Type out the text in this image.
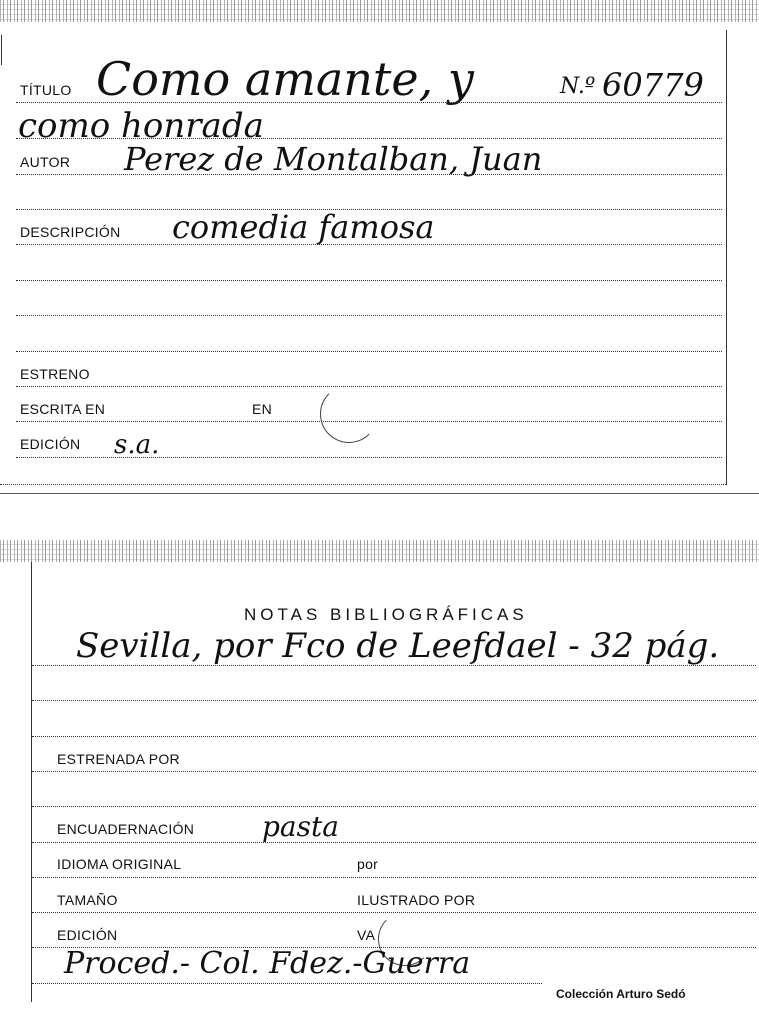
TÍTULO Como amante, y	N.º 60779
como honrada
AUTOR Perez de Montalban, Juan
DESCRIPCIÓN comedia famosa
ESTRENO
ESCRITA EN	EN
EDICIÓN s.a.
NOTAS BIBLIOGRÁFICAS
Sevilla, por Fco de Leefdael - 32 pág.
ESTRENADA POR
ENCUADERNACIÓN pasta
IDIOMA ORIGINAL	por
TAMAÑO	ILUSTRADO POR
EDICIÓN	VA
Proced.- Col. Fdez.-Guerra
Colección Arturo Sedó
